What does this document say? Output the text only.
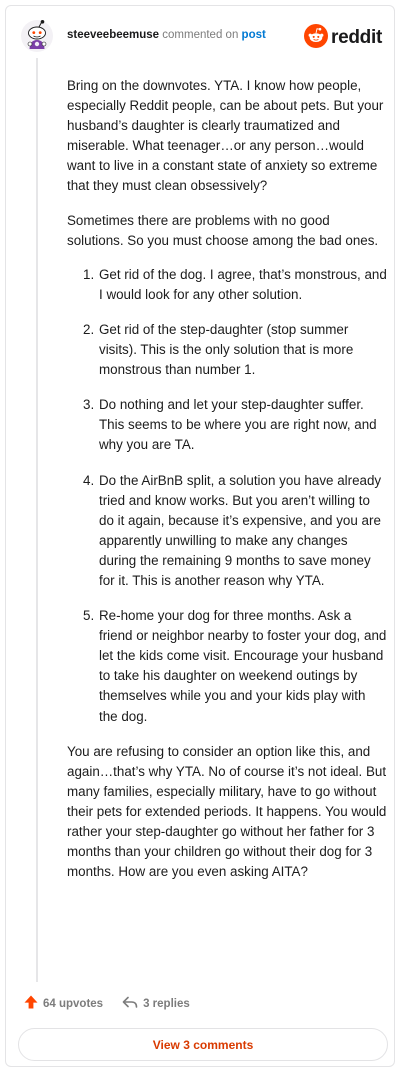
steeveebeemuse commented on post	reddit

Bring on the downvotes. YTA. I know how people, especially Reddit people, can be about pets. But your husband’s daughter is clearly traumatized and miserable. What teenager…or any person…would want to live in a constant state of anxiety so extreme that they must clean obsessively?

Sometimes there are problems with no good solutions. So you must choose among the bad ones.

1. Get rid of the dog. I agree, that’s monstrous, and I would look for any other solution.
2. Get rid of the step-daughter (stop summer visits). This is the only solution that is more monstrous than number 1.
3. Do nothing and let your step-daughter suffer. This seems to be where you are right now, and why you are TA.
4. Do the AirBnB split, a solution you have already tried and know works. But you aren’t willing to do it again, because it’s expensive, and you are apparently unwilling to make any changes during the remaining 9 months to save money for it. This is another reason why YTA.
5. Re-home your dog for three months. Ask a friend or neighbor nearby to foster your dog, and let the kids come visit. Encourage your husband to take his daughter on weekend outings by themselves while you and your kids play with the dog.

You are refusing to consider an option like this, and again…that’s why YTA. No of course it’s not ideal. But many families, especially military, have to go without their pets for extended periods. It happens. You would rather your step-daughter go without her father for 3 months than your children go without their dog for 3 months. How are you even asking AITA?

64 upvotes	3 replies
View 3 comments
